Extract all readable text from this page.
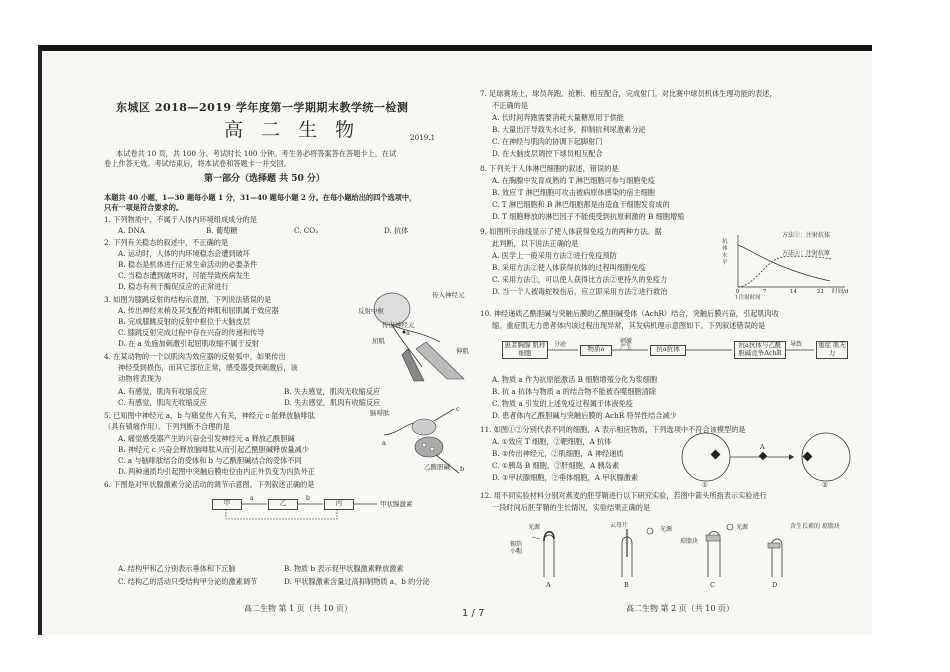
东城区 2018—2019 学年度第一学期期末教学统一检测
高 二 生 物	2019.1
本试卷共 10 页，共 100 分。考试时长 100 分钟。考生务必将答案答在答题卡上，在试
卷上作答无效。考试结束后，将本试卷和答题卡一并交回。
第一部分（选择题 共 50 分）
本题共 40 小题，1—30 题每小题 1 分，31—40 题每小题 2 分。在每小题给出的四个选项中，
只有一项是符合要求的。
1. 下列物质中，不属于人体内环境组成成分的是
A. DNA	B. 葡萄糖	C. CO₂	D. 抗体
2. 下列有关稳态的叙述中，不正确的是
A. 运动时，人体的内环境稳态会遭到破坏
B. 稳态是机体进行正常生命活动的必要条件
C. 当稳态遭到破坏时，可能导致疾病发生
D. 稳态有利于酶促反应的正常进行
3. 如图为膝跳反射的结构示意图，下列说法错误的是
A. 传出神经末梢及其支配的伸肌和屈肌属于效应器
B. 完成膝跳反射的反射中枢位于大脑皮层
C. 膝跳反射完成过程中存在兴奋的传递和传导
D. 在 a 处施加刺激引起屈肌收缩不属于反射
传入神经元
反射中枢
传出神经元
屈肌
伸肌
a
4. 在某动物的一个以肌肉为效应器的反射弧中，如果传出
神经受到损伤，而其它部位正常，感受器受到刺激后，该
动物将表现为
A. 有感觉，肌肉有收缩反应	B. 失去感觉，肌肉无收缩反应
C. 有感觉，肌肉无收缩反应	D. 失去感觉，肌肉有收缩反应
5. 已知图中神经元 a、b 与痛觉传入有关，神经元 c 能释放脑啡肽
（具有镇痛作用）。下列判断不合理的是
A. 痛觉感受器产生的兴奋会引发神经元 a 释放乙酰胆碱
B. 神经元 c 兴奋会释放脑啡肽从而引起乙酰胆碱释放量减少
C. a 与脑啡肽结合的受体和 b 与乙酰胆碱结合的受体不同
D. 两种递质均引起图中突触后膜电位由内正外负变为内负外正
脑啡肽
乙酰胆碱
c
a
b
6. 下图是对甲状腺激素分泌活动的调节示意图。下列叙述正确的是
甲	乙	丙
a	b
甲状腺激素
A. 结构甲和乙分别表示垂体和下丘脑	B. 物质 b 表示促甲状腺激素释放激素
C. 结构乙的活动只受结构甲分泌的激素调节	D. 甲状腺激素含量过高抑制物质 a、b 的分泌
高二生物 第 1 页（共 10 页）
7. 足球赛场上，球员奔跑、抢断、相互配合，完成射门。对比赛中球员机体生理功能的表述，
不正确的是
A. 长时间奔跑需要消耗大量糖原用于供能
B. 大量出汗导致失水过多，抑制抗利尿激素分泌
C. 在神经与肌肉的协调下起脚射门
D. 在大脑皮层调控下球员相互配合
8. 下列关于人体淋巴细胞的叙述，错误的是
A. 在胸腺中发育成熟的 T 淋巴细胞可参与细胞免疫
B. 效应 T 淋巴细胞可攻击被病原体感染的宿主细胞
C. T 淋巴细胞和 B 淋巴细胞都是由造血干细胞发育成的
D. T 细胞释放的淋巴因子不能使受到抗原刺激的 B 细胞增殖
9. 如图所示曲线显示了使人体获得免疫力的两种方法。据
此判断，以下说法正确的是
A. 医学上一般采用方法②进行免疫预防
B. 采用方法②使人体获得抗体的过程叫细胞免疫
C. 采用方法①，可以使人获得比方法②更持久的免疫力
D. 当一个人被毒蛇咬伤后，应立即采用方法②进行救治
方法①：注射抗体
方法②：注射抗原
抗体水平
0	7	14	21 时间/d
↑注射时间
10. 神经递质乙酰胆碱与突触后膜的乙酰胆碱受体（AchR）结合，突触后膜兴奋，引起肌肉收
缩。重症肌无力患者体内该过程出现异常，其发病机理示意图如下。下列叙述错误的是
患者胸腺 肌样细胞	物质a	抗a抗体	抗a抗体与乙酰 胆碱竞争AchR
重症 肌无力
分泌	刺激 产生	导致
A. 物质 a 作为抗原能激活 B 细胞增殖分化为浆细胞
B. 抗 a 抗体与物质 a 的结合物不能被吞噬细胞清除
C. 物质 a 引发的上述免疫过程属于体液免疫
D. 患者体内乙酰胆碱与突触后膜的 AchR 特异性结合减少
11. 如图①②分别代表不同的细胞，A 表示相应物质，下列选项中不符合该模型的是
A. ①效应 T 细胞，②靶细胞，A 抗体
B. ①传出神经元，②肌细胞，A 神经递质
C. ①胰岛 B 细胞，②肝细胞，A 胰岛素
D. ①甲状腺细胞，②垂体细胞，A 甲状腺激素
①	②
A
12. 用不同实验材料分别对燕麦的胚芽鞘进行以下研究实验，若图中箭头所指表示实验进行
一段时间后胚芽鞘的生长情况，实验结果正确的是
光源
锡箔 小帽
云母片
光源
琼脂块
光源	含生长素的 琼脂块
A	B	C	D
高二生物 第 2 页（共 10 页）
1 / 7
